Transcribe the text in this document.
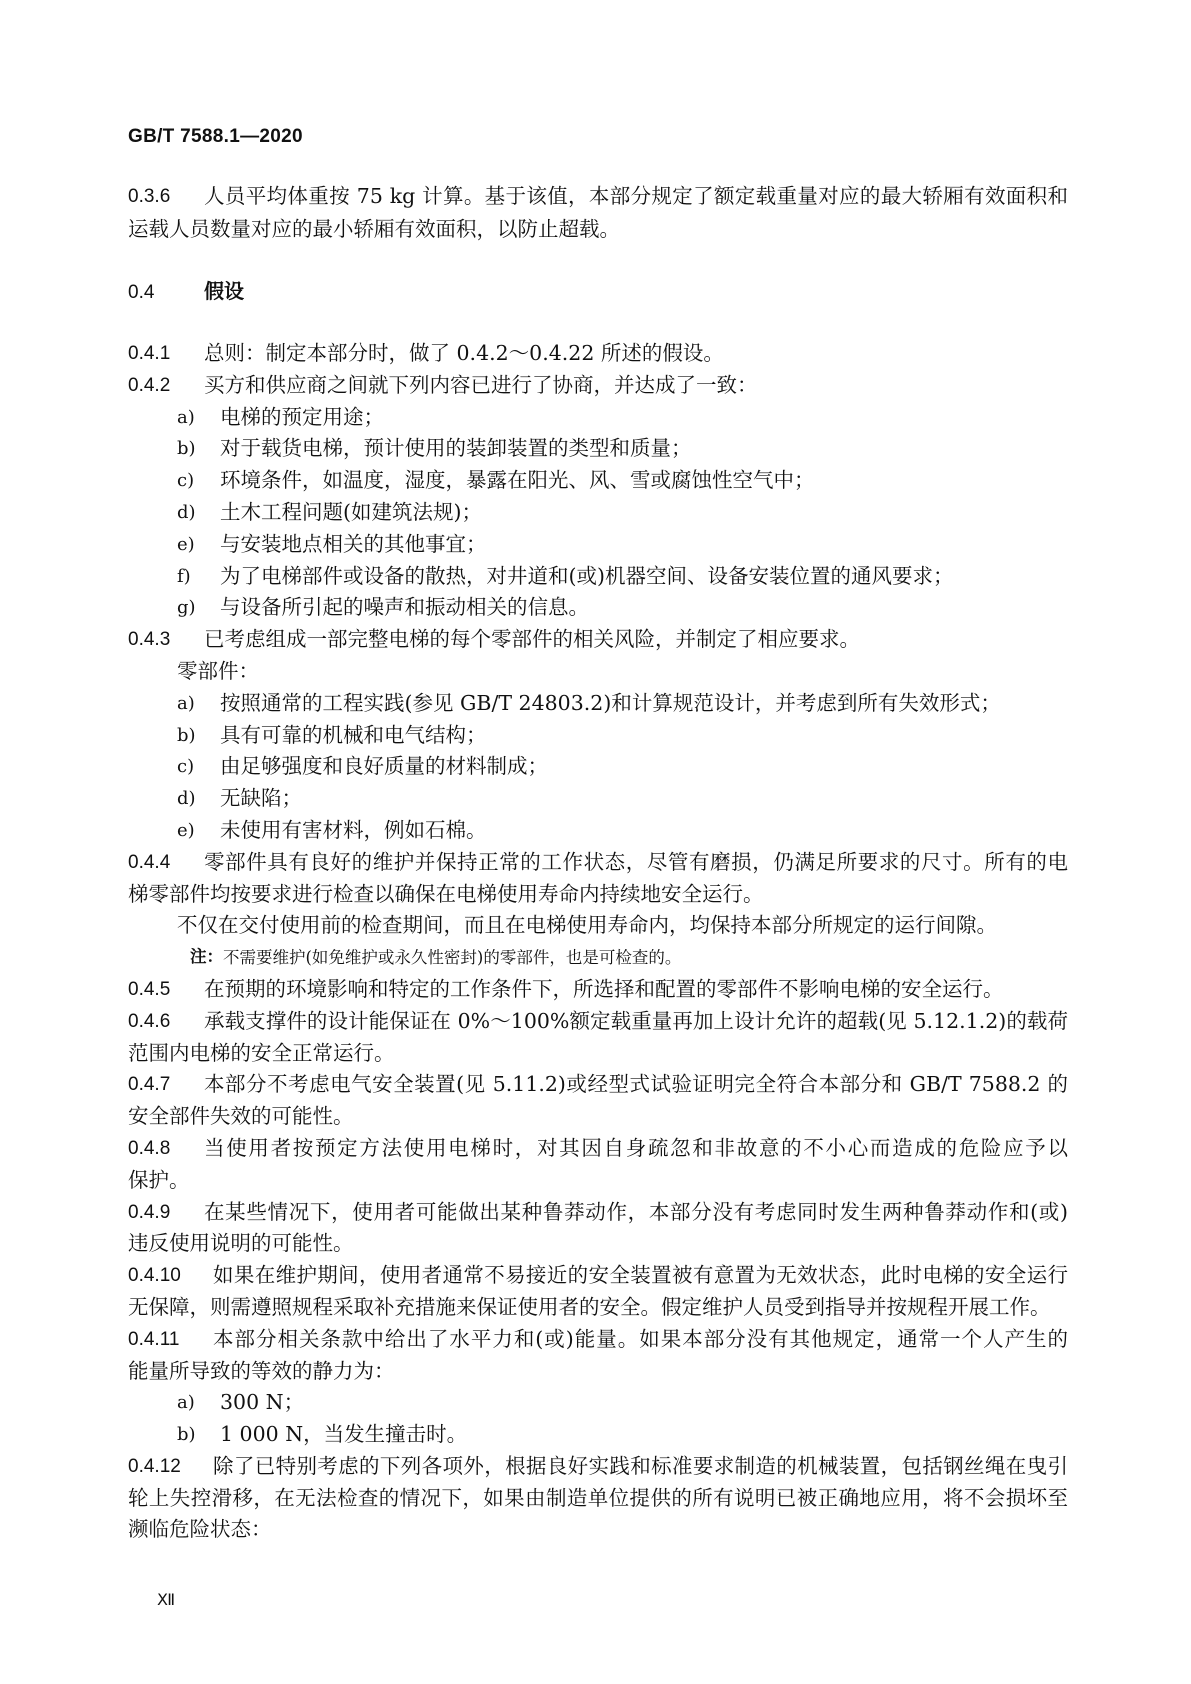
GB/T 7588.1—2020
0.3.6	人员平均体重按 75 kg 计算。基于该值，本部分规定了额定载重量对应的最大轿厢有效面积和
运载人员数量对应的最小轿厢有效面积，以防止超载。
0.4	假设
0.4.1	总则：制定本部分时，做了 0.4.2～0.4.22 所述的假设。
0.4.2	买方和供应商之间就下列内容已进行了协商，并达成了一致：
a)	电梯的预定用途；
b)	对于载货电梯，预计使用的装卸装置的类型和质量；
c)	环境条件，如温度，湿度，暴露在阳光、风、雪或腐蚀性空气中；
d)	土木工程问题(如建筑法规)；
e)	与安装地点相关的其他事宜；
f)	为了电梯部件或设备的散热，对井道和(或)机器空间、设备安装位置的通风要求；
g)	与设备所引起的噪声和振动相关的信息。
0.4.3	已考虑组成一部完整电梯的每个零部件的相关风险，并制定了相应要求。
零部件：
a)	按照通常的工程实践(参见 GB/T 24803.2)和计算规范设计，并考虑到所有失效形式；
b)	具有可靠的机械和电气结构；
c)	由足够强度和良好质量的材料制成；
d)	无缺陷；
e)	未使用有害材料，例如石棉。
0.4.4	零部件具有良好的维护并保持正常的工作状态，尽管有磨损，仍满足所要求的尺寸。所有的电
梯零部件均按要求进行检查以确保在电梯使用寿命内持续地安全运行。
不仅在交付使用前的检查期间，而且在电梯使用寿命内，均保持本部分所规定的运行间隙。
注： 不需要维护(如免维护或永久性密封)的零部件，也是可检查的。
0.4.5	在预期的环境影响和特定的工作条件下，所选择和配置的零部件不影响电梯的安全运行。
0.4.6	承载支撑件的设计能保证在 0%～100%额定载重量再加上设计允许的超载(见 5.12.1.2)的载荷
范围内电梯的安全正常运行。
0.4.7	本部分不考虑电气安全装置(见 5.11.2)或经型式试验证明完全符合本部分和 GB/T 7588.2 的
安全部件失效的可能性。
0.4.8	当使用者按预定方法使用电梯时，对其因自身疏忽和非故意的不小心而造成的危险应予以
保护。
0.4.9	在某些情况下，使用者可能做出某种鲁莽动作，本部分没有考虑同时发生两种鲁莽动作和(或)
违反使用说明的可能性。
0.4.10	如果在维护期间，使用者通常不易接近的安全装置被有意置为无效状态，此时电梯的安全运行
无保障，则需遵照规程采取补充措施来保证使用者的安全。假定维护人员受到指导并按规程开展工作。
0.4.11	本部分相关条款中给出了水平力和(或)能量。如果本部分没有其他规定，通常一个人产生的
能量所导致的等效的静力为：
a)	300 N；
b)	1 000 N，当发生撞击时。
0.4.12	除了已特别考虑的下列各项外，根据良好实践和标准要求制造的机械装置，包括钢丝绳在曳引
轮上失控滑移，在无法检查的情况下，如果由制造单位提供的所有说明已被正确地应用，将不会损坏至
濒临危险状态：
Ⅻ
